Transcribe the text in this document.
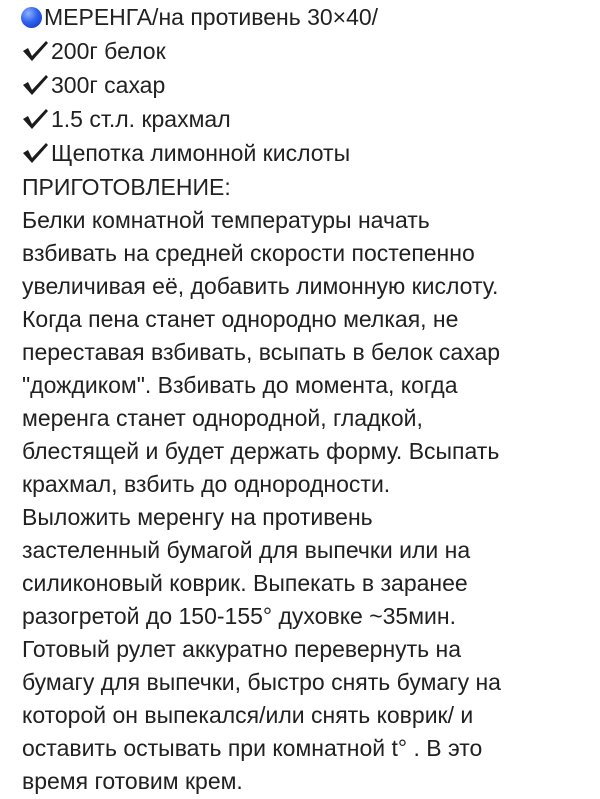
МЕРЕНГА/на противень 30×40/
200г белок
300г сахар
1.5 ст.л. крахмал
Щепотка лимонной кислоты
ПРИГОТОВЛЕНИЕ:
Белки комнатной температуры начать
взбивать на средней скорости постепенно
увеличивая её, добавить лимонную кислоту.
Когда пена станет однородно мелкая, не
переставая взбивать, всыпать в белок сахар
"дождиком". Взбивать до момента, когда
меренга станет однородной, гладкой,
блестящей и будет держать форму. Всыпать
крахмал, взбить до однородности.
Выложить меренгу на противень
застеленный бумагой для выпечки или на
силиконовый коврик. Выпекать в заранее
разогретой до 150-155° духовке ~35мин.
Готовый рулет аккуратно перевернуть на
бумагу для выпечки, быстро снять бумагу на
которой он выпекался/или снять коврик/ и
оставить остывать при комнатной t° . В это
время готовим крем.
